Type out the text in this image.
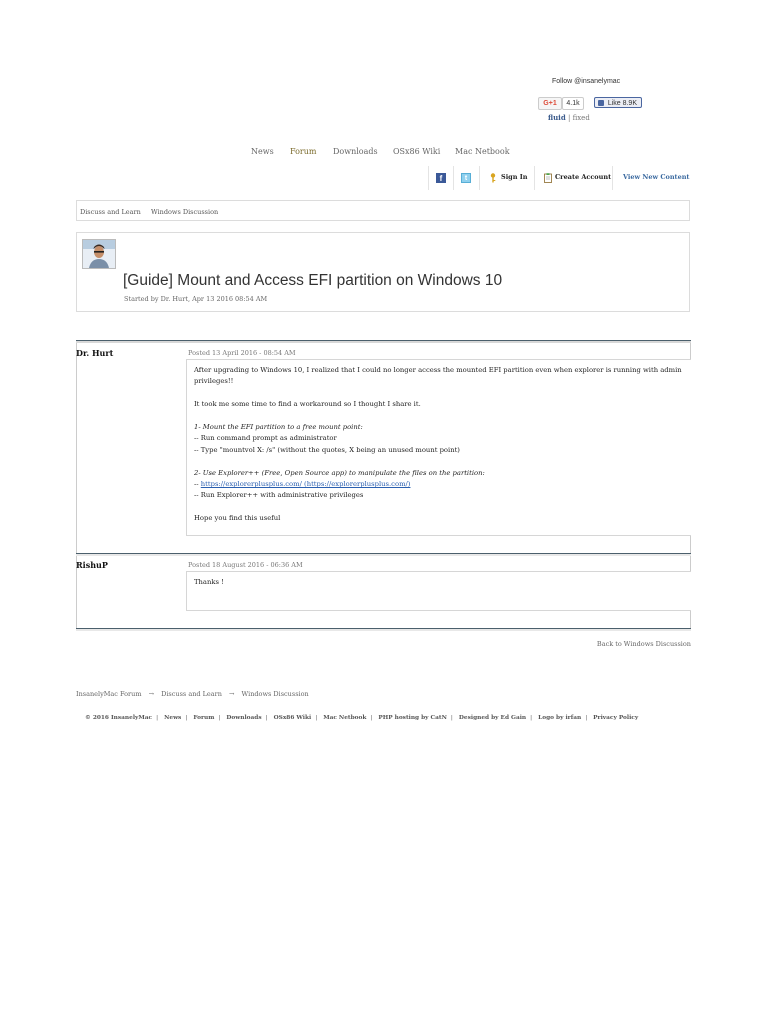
Follow @insanelymac
G+1	4.1k	Like 8.9K
fluid | fixed
News Forum Downloads OSx86 Wiki Mac Netbook
f	t	Sign In	Create Account View New Content
Discuss and Learn Windows Discussion
[Guide] Mount and Access EFI partition on Windows 10
Started by Dr. Hurt, Apr 13 2016 08:54 AM
Dr. Hurt	Posted 13 April 2016 - 08:54 AM

After upgrading to Windows 10, I realized that I could no longer access the mounted EFI partition even when explorer is running with admin

privileges!!

It took me some time to find a workaround so I thought I share it.

1- Mount the EFI partition to a free mount point:

-- Run command prompt as administrator

-- Type "mountvol X: /s" (without the quotes, X being an unused mount point)

2- Use Explorer++ (Free, Open Source app) to manipulate the files on the partition:

-- https://explorerplusplus.com/ (https://explorerplusplus.com/)

-- Run Explorer++ with administrative privileges

Hope you find this useful

RishuP	Posted 18 August 2016 - 06:36 AM
Thanks !
Back to Windows Discussion
InsanelyMac Forum → Discuss and Learn → Windows Discussion
© 2016 InsanelyMac | News | Forum | Downloads | OSx86 Wiki | Mac Netbook | PHP hosting by CatN | Designed by Ed Gain | Logo by irfan | Privacy Policy
